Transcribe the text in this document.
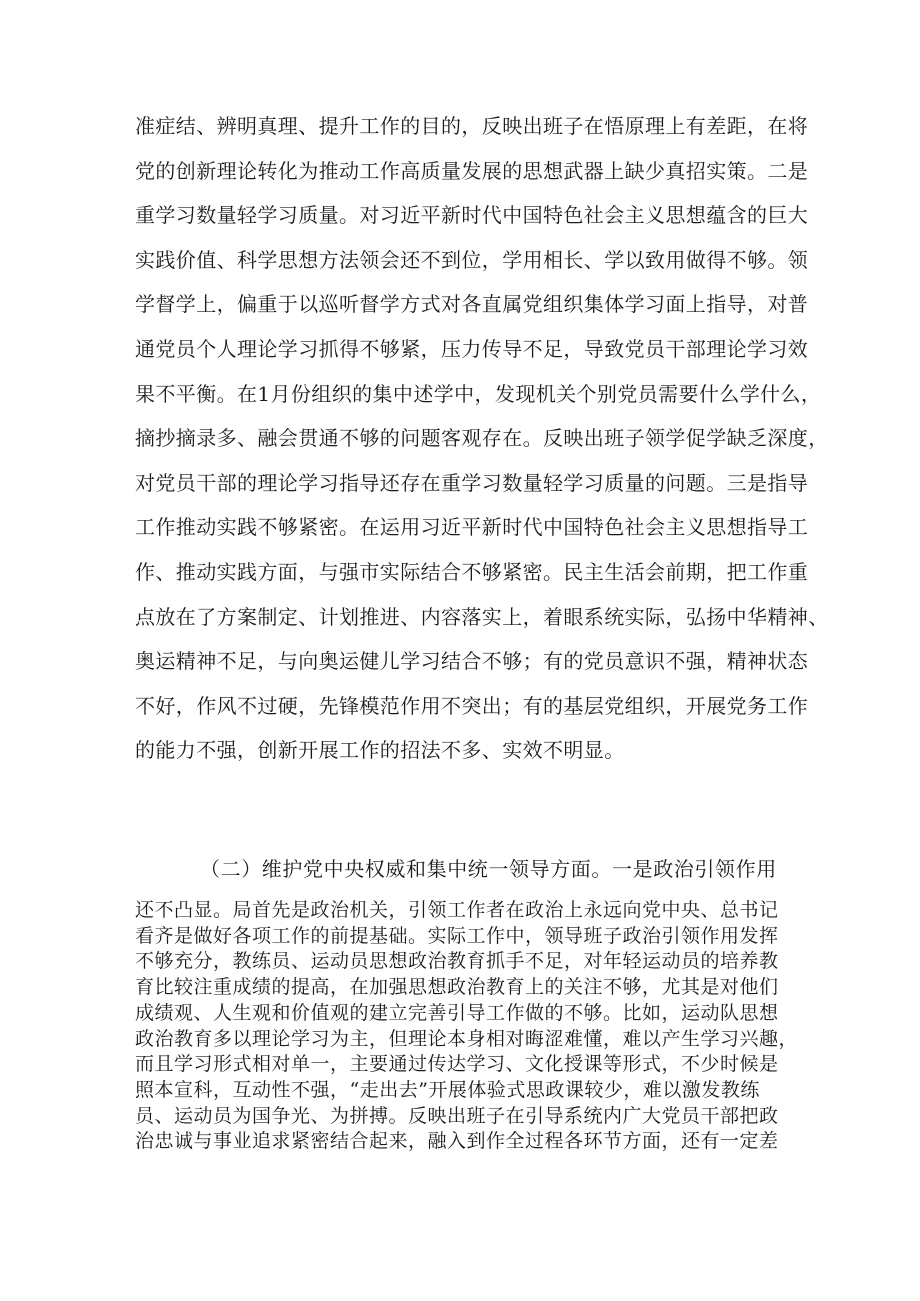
准症结、辨明真理、提升工作的目的，反映出班子在悟原理上有差距，在将
党的创新理论转化为推动工作高质量发展的思想武器上缺少真招实策。二是
重学习数量轻学习质量。对习近平新时代中国特色社会主义思想蕴含的巨大
实践价值、科学思想方法领会还不到位，学用相长、学以致用做得不够。领
学督学上，偏重于以巡听督学方式对各直属党组织集体学习面上指导，对普
通党员个人理论学习抓得不够紧，压力传导不足，导致党员干部理论学习效
果不平衡。在1月份组织的集中述学中，发现机关个别党员需要什么学什么，
摘抄摘录多、融会贯通不够的问题客观存在。反映出班子领学促学缺乏深度，
对党员干部的理论学习指导还存在重学习数量轻学习质量的问题。三是指导
工作推动实践不够紧密。在运用习近平新时代中国特色社会主义思想指导工
作、推动实践方面，与强市实际结合不够紧密。民主生活会前期，把工作重
点放在了方案制定、计划推进、内容落实上，着眼系统实际，弘扬中华精神、
奥运精神不足，与向奥运健儿学习结合不够；有的党员意识不强，精神状态
不好，作风不过硬，先锋模范作用不突出；有的基层党组织，开展党务工作
的能力不强，创新开展工作的招法不多、实效不明显。
（二）维护党中央权威和集中统一领导方面。一是政治引领作用
还不凸显。局首先是政治机关，引领工作者在政治上永远向党中央、总书记
看齐是做好各项工作的前提基础。实际工作中，领导班子政治引领作用发挥
不够充分，教练员、运动员思想政治教育抓手不足，对年轻运动员的培养教
育比较注重成绩的提高，在加强思想政治教育上的关注不够，尤其是对他们
成绩观、人生观和价值观的建立完善引导工作做的不够。比如，运动队思想
政治教育多以理论学习为主，但理论本身相对晦涩难懂，难以产生学习兴趣，
而且学习形式相对单一，主要通过传达学习、文化授课等形式，不少时候是
照本宣科，互动性不强，“走出去”开展体验式思政课较少，难以激发教练
员、运动员为国争光、为拼搏。反映出班子在引导系统内广大党员干部把政
治忠诚与事业追求紧密结合起来，融入到作全过程各环节方面，还有一定差
